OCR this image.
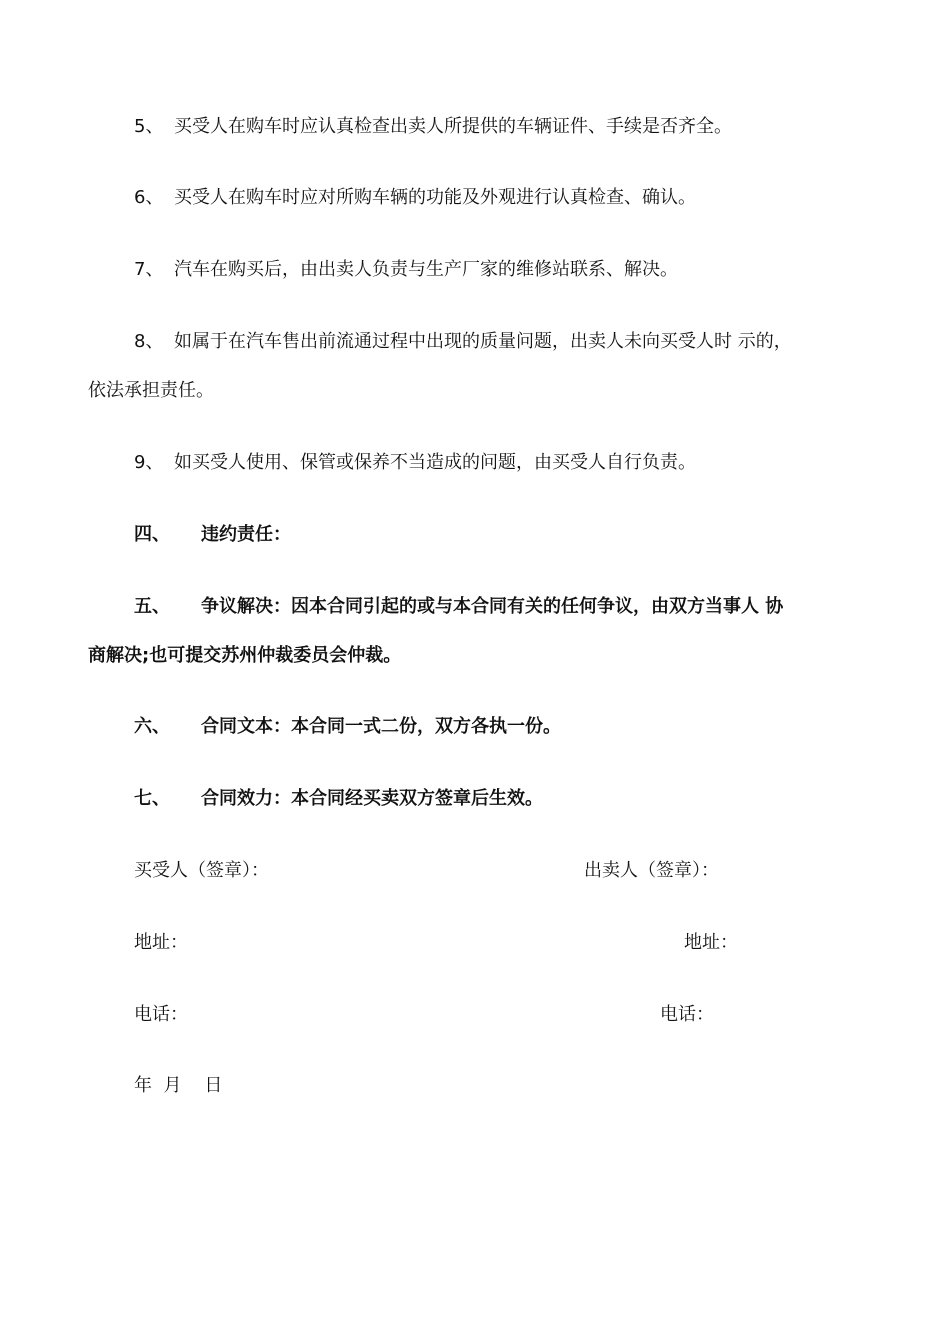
5、 买受人在购车时应认真检查出卖人所提供的车辆证件、手续是否齐全。
6、 买受人在购车时应对所购车辆的功能及外观进行认真检查、确认。
7、 汽车在购买后，由出卖人负责与生产厂家的维修站联系、解决。
8、 如属于在汽车售出前流通过程中出现的质量问题，出卖人未向买受人时 示的，
依法承担责任。
9、 如买受人使用、保管或保养不当造成的问题，由买受人自行负责。
四、 违约责任：
五、 争议解决：因本合同引起的或与本合同有关的任何争议，由双方当事人 协
商解决;也可提交苏州仲裁委员会仲裁。
六、 合同文本：本合同一式二份，双方各执一份。
七、 合同效力：本合同经买卖双方签章后生效。
买受人（签章）：	出卖人（签章）：
地址：	地址：
电话：	电话：
年  月    日
